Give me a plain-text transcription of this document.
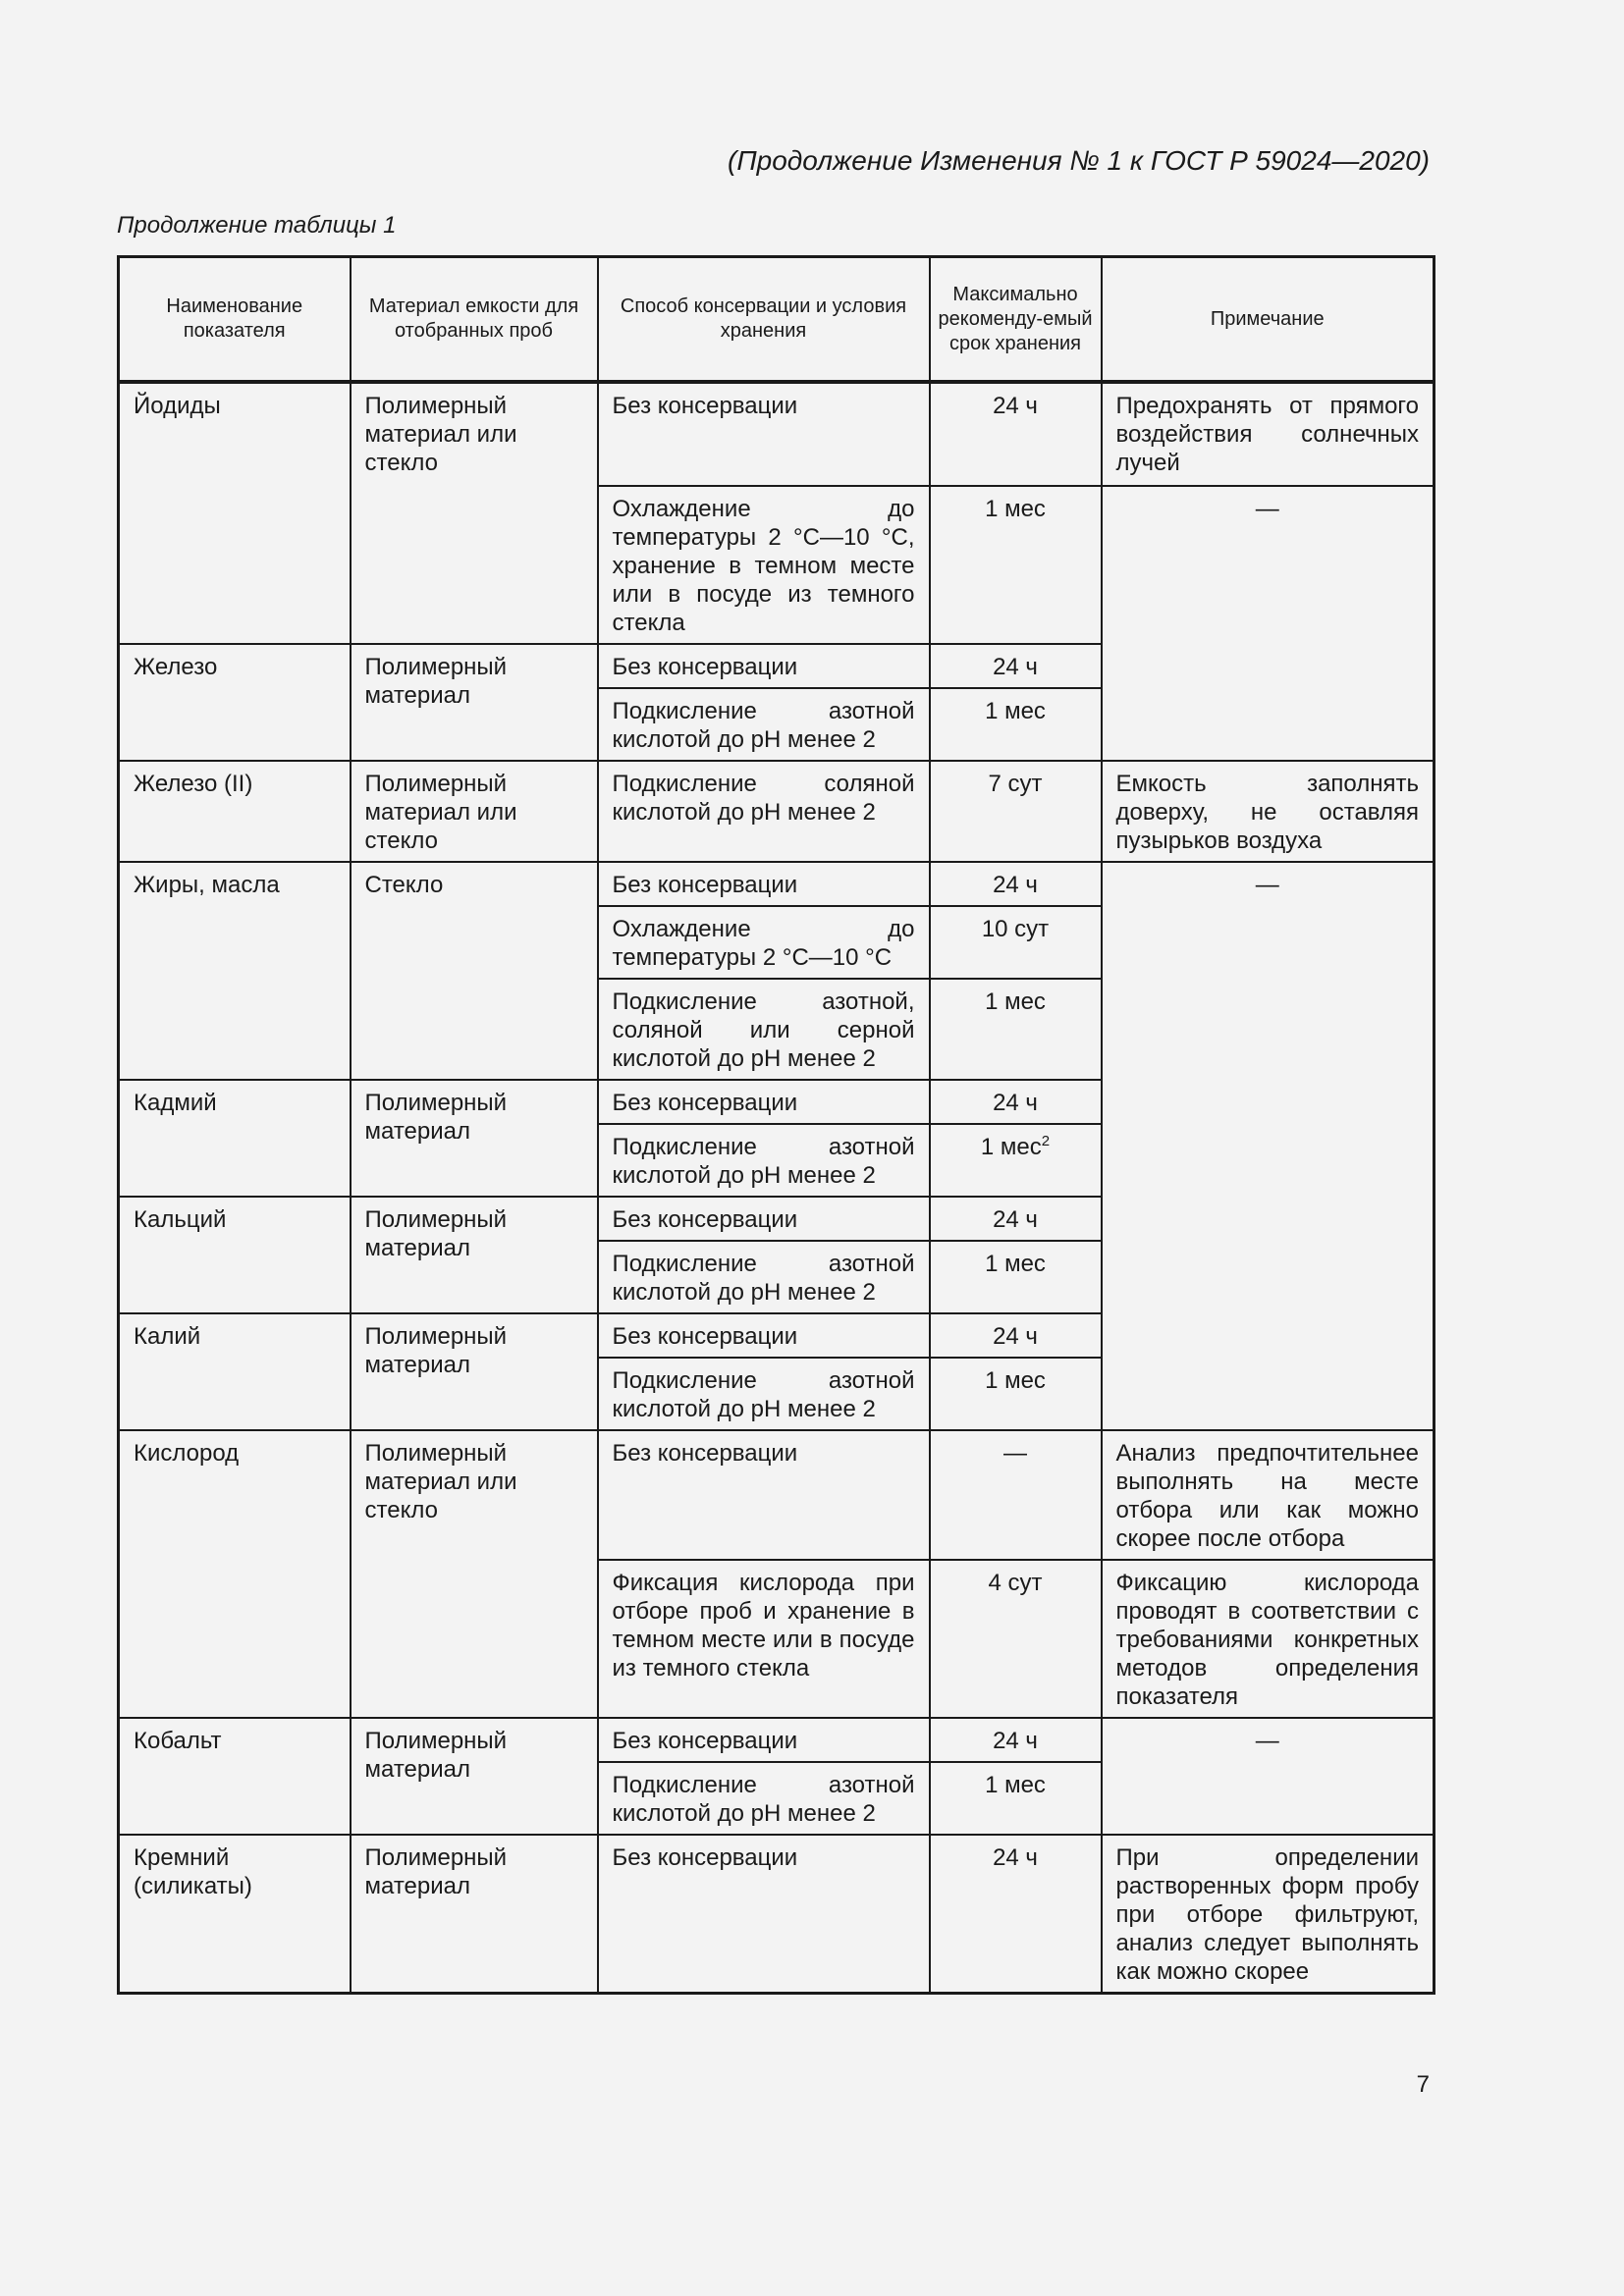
(Продолжение Изменения № 1 к ГОСТ Р 59024—2020)
Продолжение таблицы 1
Наименование показателя	Материал емкости для отобранных проб	Способ консервации и условия хранения	Максимально рекоменду-емый срок хранения	Примечание
Йодиды	Полимерный материал или стекло	Без консервации	24 ч	Предохранять от прямого воздействия солнечных лучей
		Охлаждение до температуры 2 °С—10 °С, хранение в темном месте или в посуде из темного стекла	1 мес	—
Железо	Полимерный материал	Без консервации	24 ч	
		Подкисление азотной кислотой до рН менее 2	1 мес	
Железо (II)	Полимерный материал или стекло	Подкисление соляной кислотой до рН менее 2	7 сут	Емкость заполнять доверху, не оставляя пузырьков воздуха
Жиры, масла	Стекло	Без консервации	24 ч	—
		Охлаждение до температуры 2 °С—10 °С	10 сут	
		Подкисление азотной, соляной или серной кислотой до рН менее 2	1 мес	
Кадмий	Полимерный материал	Без консервации	24 ч	
		Подкисление азотной кислотой до рН менее 2	1 мес$^2$
Кальций	Полимерный материал	Без консервации	24 ч	
		Подкисление азотной кислотой до рН менее 2	1 мес	
Калий	Полимерный материал	Без консервации	24 ч	
		Подкисление азотной кислотой до рН менее 2	1 мес	
Кислород	Полимерный материал или стекло	Без консервации	—	Анализ предпочтительнее выполнять на месте отбора или как можно скорее после отбора
		Фиксация кислорода при отборе проб и хранение в темном месте или в посуде из темного стекла	4 сут	Фиксацию кислорода проводят в соответствии с требованиями конкретных методов определения показателя
Кобальт	Полимерный материал	Без консервации	24 ч	—
		Подкисление азотной кислотой до рН менее 2	1 мес	
Кремний (силикаты)	Полимерный материал	Без консервации	24 ч	При определении растворенных форм пробу при отборе фильтруют, анализ следует выполнять как можно скорее
7
